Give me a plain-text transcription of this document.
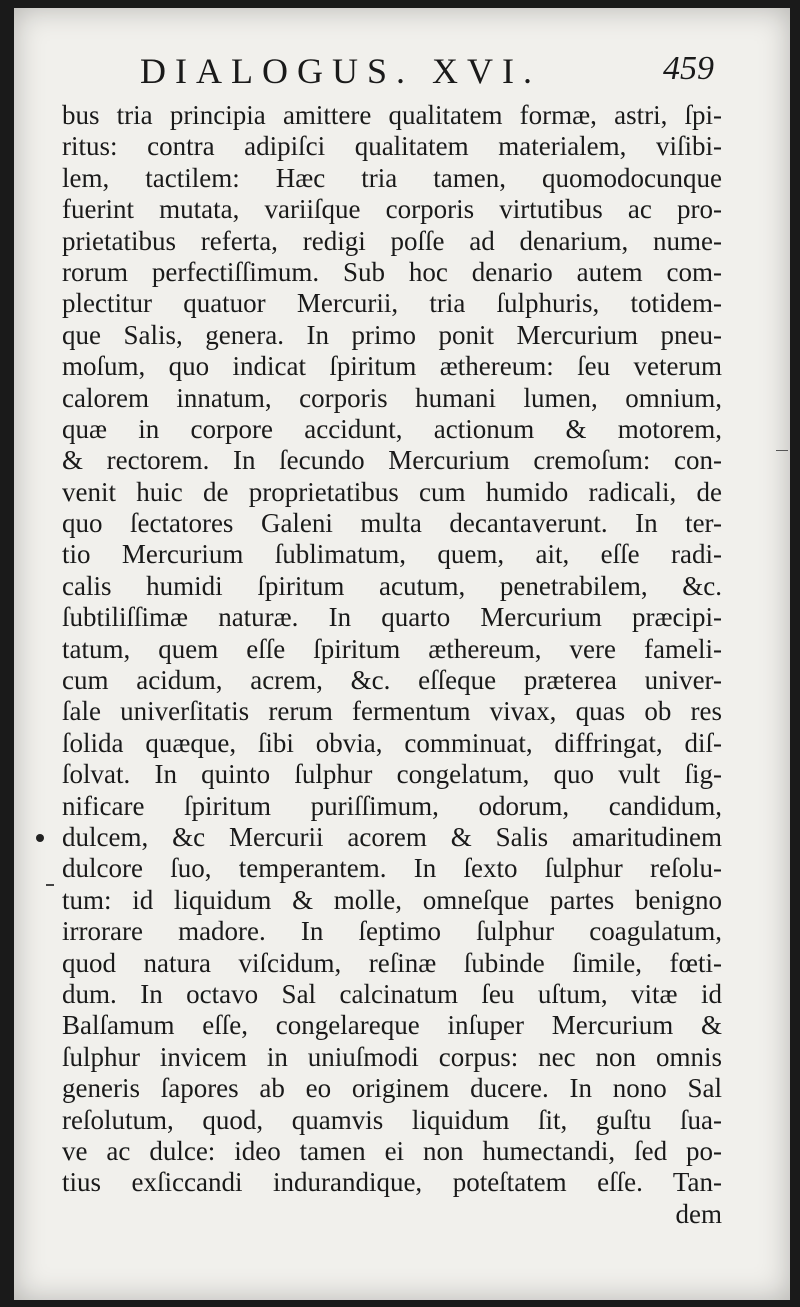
DIALOGUS. XVI.	459
bus tria principia amittere qualitatem formæ, astri, ſpi-
ritus: contra adipiſci qualitatem materialem, viſibi-
lem, tactilem: Hæc tria tamen, quomodocunque
fuerint mutata, variiſque corporis virtutibus ac pro-
prietatibus referta, redigi poſſe ad denarium, nume-
rorum perfectiſſimum. Sub hoc denario autem com-
plectitur quatuor Mercurii, tria ſulphuris, totidem-
que Salis, genera. In primo ponit Mercurium pneu-
moſum, quo indicat ſpiritum æthereum: ſeu veterum
calorem innatum, corporis humani lumen, omnium,
quæ in corpore accidunt, actionum & motorem,
& rectorem. In ſecundo Mercurium cremoſum: con-
venit huic de proprietatibus cum humido radicali, de
quo ſectatores Galeni multa decantaverunt. In ter-
tio Mercurium ſublimatum, quem, ait, eſſe radi-
calis humidi ſpiritum acutum, penetrabilem, &c.
ſubtiliſſimæ naturæ. In quarto Mercurium præcipi-
tatum, quem eſſe ſpiritum æthereum, vere fameli-
cum acidum, acrem, &c. eſſeque præterea univer-
ſale univerſitatis rerum fermentum vivax, quas ob res
ſolida quæque, ſibi obvia, comminuat, diffringat, diſ-
ſolvat. In quinto ſulphur congelatum, quo vult ſig-
nificare ſpiritum puriſſimum, odorum, candidum,
dulcem, &c Mercurii acorem & Salis amaritudinem
dulcore ſuo, temperantem. In ſexto ſulphur reſolu-
tum: id liquidum & molle, omneſque partes benigno
irrorare madore. In ſeptimo ſulphur coagulatum,
quod natura viſcidum, reſinæ ſubinde ſimile, fœti-
dum. In octavo Sal calcinatum ſeu uſtum, vitæ id
Balſamum eſſe, congelareque inſuper Mercurium &
ſulphur invicem in uniuſmodi corpus: nec non omnis
generis ſapores ab eo originem ducere. In nono Sal
reſolutum, quod, quamvis liquidum ſit, guſtu ſua-
ve ac dulce: ideo tamen ei non humectandi, ſed po-
tius exſiccandi indurandique, poteſtatem eſſe. Tan-
dem
